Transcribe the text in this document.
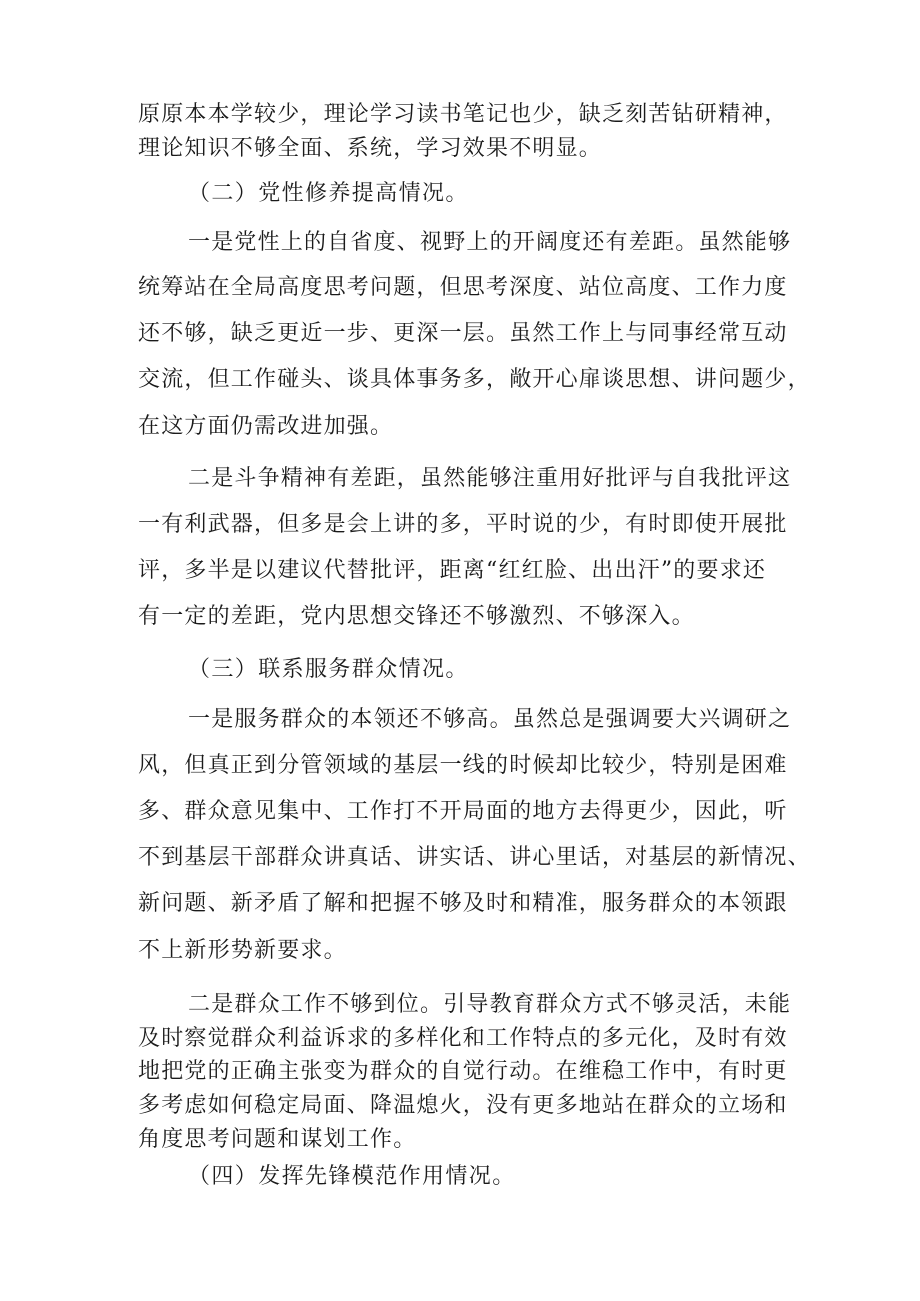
原原本本学较少，理论学习读书笔记也少，缺乏刻苦钻研精神，
理论知识不够全面、系统，学习效果不明显。
（二）党性修养提高情况。
一是党性上的自省度、视野上的开阔度还有差距。虽然能够
统筹站在全局高度思考问题，但思考深度、站位高度、工作力度
还不够，缺乏更近一步、更深一层。虽然工作上与同事经常互动
交流，但工作碰头、谈具体事务多，敞开心扉谈思想、讲问题少，
在这方面仍需改进加强。
二是斗争精神有差距，虽然能够注重用好批评与自我批评这
一有利武器，但多是会上讲的多，平时说的少，有时即使开展批
评，多半是以建议代替批评，距离“红红脸、出出汗”的要求还
有一定的差距，党内思想交锋还不够激烈、不够深入。
（三）联系服务群众情况。
一是服务群众的本领还不够高。虽然总是强调要大兴调研之
风，但真正到分管领域的基层一线的时候却比较少，特别是困难
多、群众意见集中、工作打不开局面的地方去得更少，因此，听
不到基层干部群众讲真话、讲实话、讲心里话，对基层的新情况、
新问题、新矛盾了解和把握不够及时和精准，服务群众的本领跟
不上新形势新要求。
二是群众工作不够到位。引导教育群众方式不够灵活，未能
及时察觉群众利益诉求的多样化和工作特点的多元化，及时有效
地把党的正确主张变为群众的自觉行动。在维稳工作中，有时更
多考虑如何稳定局面、降温熄火，没有更多地站在群众的立场和
角度思考问题和谋划工作。
（四）发挥先锋模范作用情况。
